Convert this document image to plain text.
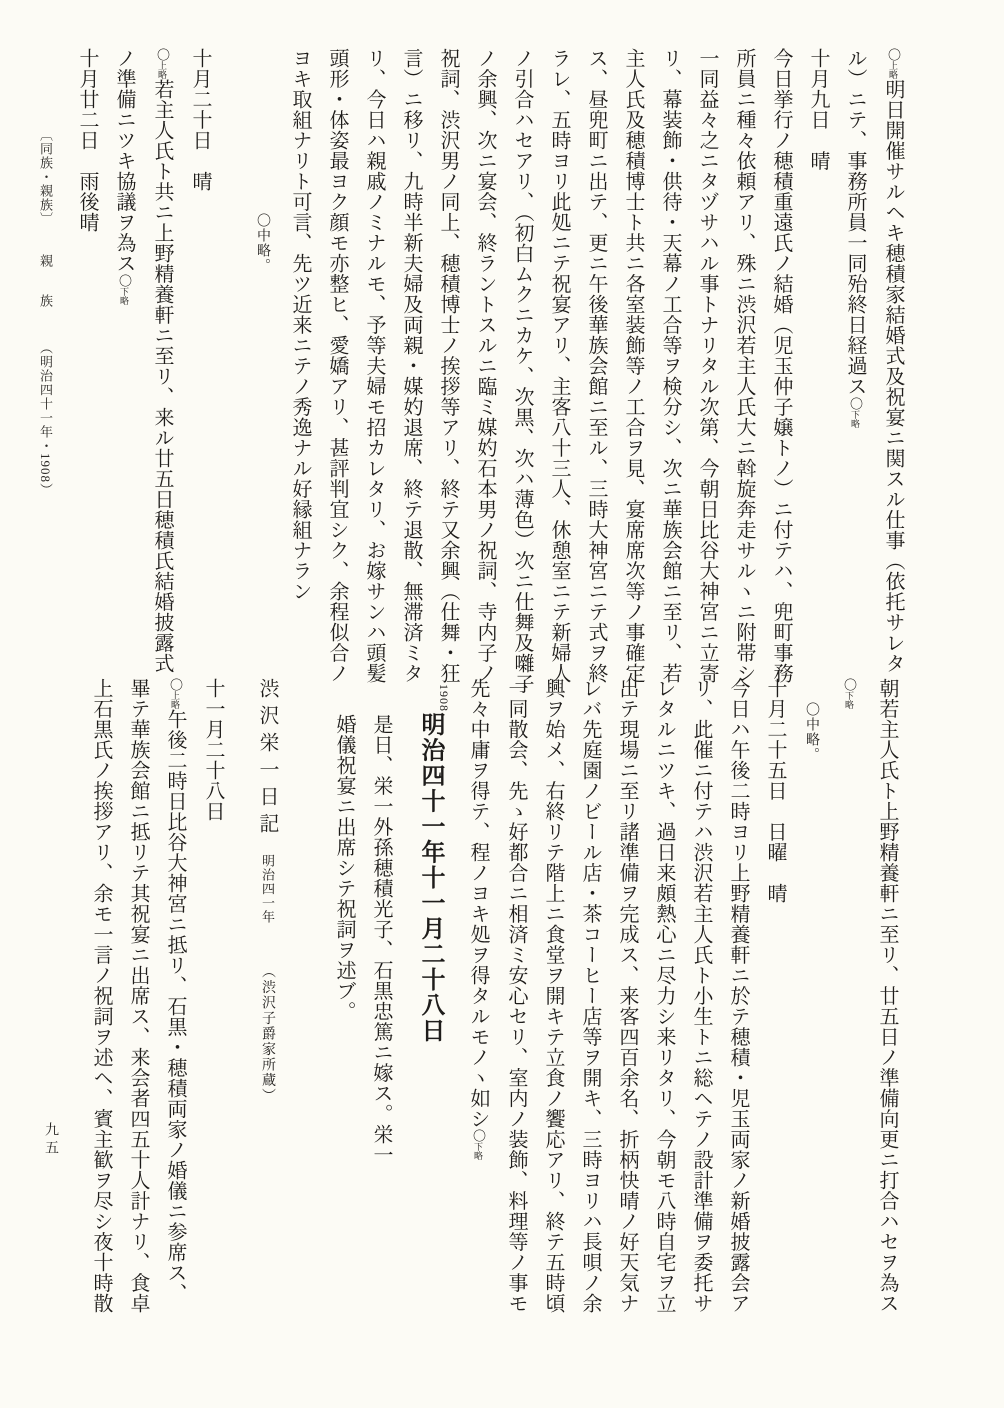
〇上略明日開催サルヘキ穂積家結婚式及祝宴ニ関スル仕事（依托サレタ
ル）ニテ、事務所員一同殆終日経過ス〇下略
十月九日　晴
今日挙行ノ穂積重遠氏ノ結婚（児玉仲子嬢トノ）ニ付テハ、兜町事務
所員ニ種々依頼アリ、殊ニ渋沢若主人氏大ニ斡旋奔走サルヽニ附帯シ
一同益々之ニタヅサハル事トナリタル次第、今朝日比谷大神宮ニ立寄
リ、幕装飾・供待・天幕ノ工合等ヲ検分シ、次ニ華族会館ニ至リ、若
主人氏及穂積博士ト共ニ各室装飾等ノ工合ヲ見、宴席席次等ノ事確定
ス、昼兜町ニ出テ、更ニ午後華族会館ニ至ル、三時大神宮ニテ式ヲ終
ラレ、五時ヨリ此処ニテ祝宴アリ、主客八十三人、休憩室ニテ新婦人
ノ引合ハセアリ、（初白ムクニカケ、次黒、次ハ薄色）次ニ仕舞及囃子
ノ余興、次ニ宴会、終ラントスルニ臨ミ媒妁石本男ノ祝詞、寺内子ノ
祝詞、渋沢男ノ同上、穂積博士ノ挨拶等アリ、終テ又余興（仕舞・狂
言）ニ移リ、九時半新夫婦及両親・媒妁退席、終テ退散、無滞済ミタ
リ、今日ハ親戚ノミナルモ、予等夫婦モ招カレタリ、お嫁サンハ頭髪
頭形・体姿最ヨク顔モ亦整ヒ、愛嬌アリ、甚評判宜シク、余程似合ノ
ヨキ取組ナリト可言、先ツ近来ニテノ秀逸ナル好縁組ナラン
〇中略。
十月二十日　晴
〇上略若主人氏ト共ニ上野精養軒ニ至リ、来ル廿五日穂積氏結婚披露式
ノ準備ニツキ協議ヲ為ス〇下略
十月廿二日　雨後晴
朝若主人氏ト上野精養軒ニ至リ、廿五日ノ準備向更ニ打合ハセヲ為ス
〇下略
〇中略。
十月二十五日　日曜　晴
今日ハ午後二時ヨリ上野精養軒ニ於テ穂積・児玉両家ノ新婚披露会ア
リ、此催ニ付テハ渋沢若主人氏ト小生トニ総ヘテノ設計準備ヲ委托サ
レタルニツキ、過日来頗熱心ニ尽力シ来リタリ、今朝モ八時自宅ヲ立
出テ現場ニ至リ諸準備ヲ完成ス、来客四百余名、折柄快晴ノ好天気ナ
レバ先庭園ノビール店・茶コーヒー店等ヲ開キ、三時ヨリハ長唄ノ余
興ヲ始メ、右終リテ階上ニ食堂ヲ開キテ立食ノ饗応アリ、終テ五時頃
一同散会、先ゝ好都合ニ相済ミ安心セリ、室内ノ装飾、料理等ノ事モ
先々中庸ヲ得テ、程ノヨキ処ヲ得タルモノヽ如シ〇下略
1908明治四十一年十一月二十八日
是日、栄一外孫穂積光子、石黒忠篤ニ嫁ス。栄一
婚儀祝宴ニ出席シテ祝詞ヲ述ブ。
渋沢栄一日記明治四一年（渋沢子爵家所蔵）
十一月二十八日
〇上略午後二時日比谷大神宮ニ抵リ、石黒・穂積両家ノ婚儀ニ参席ス、
畢テ華族会館ニ抵リテ其祝宴ニ出席ス、来会者四五十人計ナリ、食卓
上石黒氏ノ挨拶アリ、余モ一言ノ祝詞ヲ述ヘ、賓主歓ヲ尽シ夜十時散
〔同族・親族〕 親　族 （明治四十一年・1908）
九五
